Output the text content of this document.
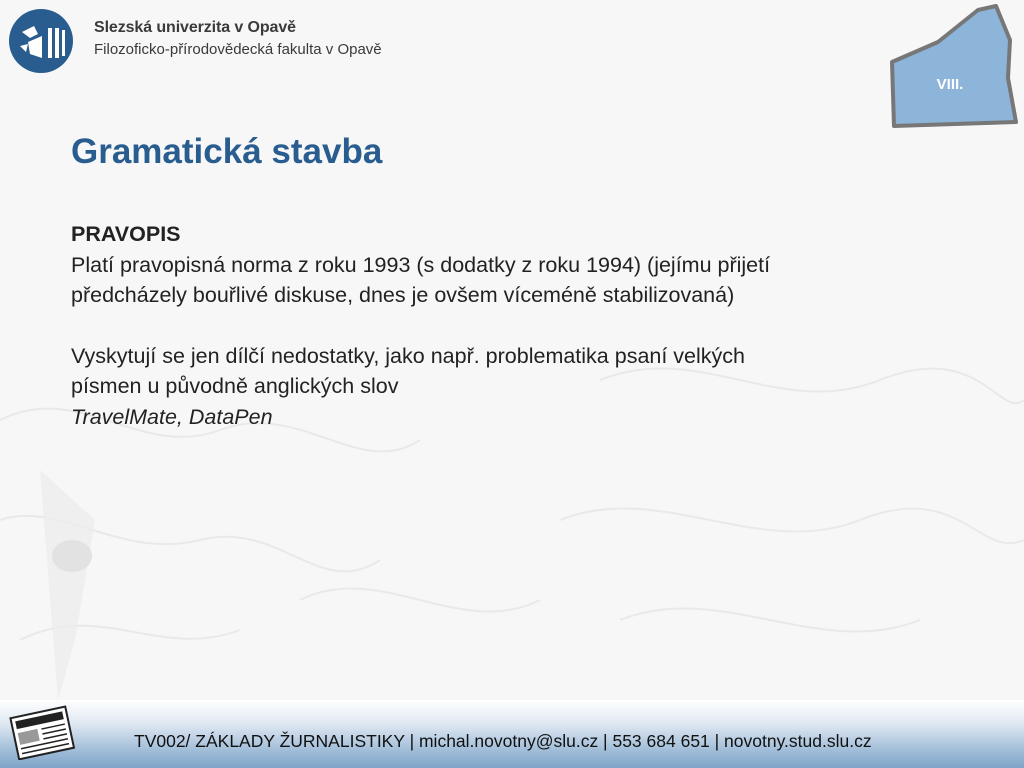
Slezská univerzita v Opavě
Filozoficko-přírodovědecká fakulta v Opavě
VIII.
Gramatická stavba

PRAVOPIS

Platí pravopisná norma z roku 1993 (s dodatky z roku 1994) (jejímu přijetí předcházely bouřlivé diskuse, dnes je ovšem víceméně stabilizovaná)

Vyskytují se jen dílčí nedostatky, jako např. problematika psaní velkých písmen u původně anglických slov

TravelMate, DataPen

TV002/ ZÁKLADY ŽURNALISTIKY | michal.novotny@slu.cz | 553 684 651 | novotny.stud.slu.cz
